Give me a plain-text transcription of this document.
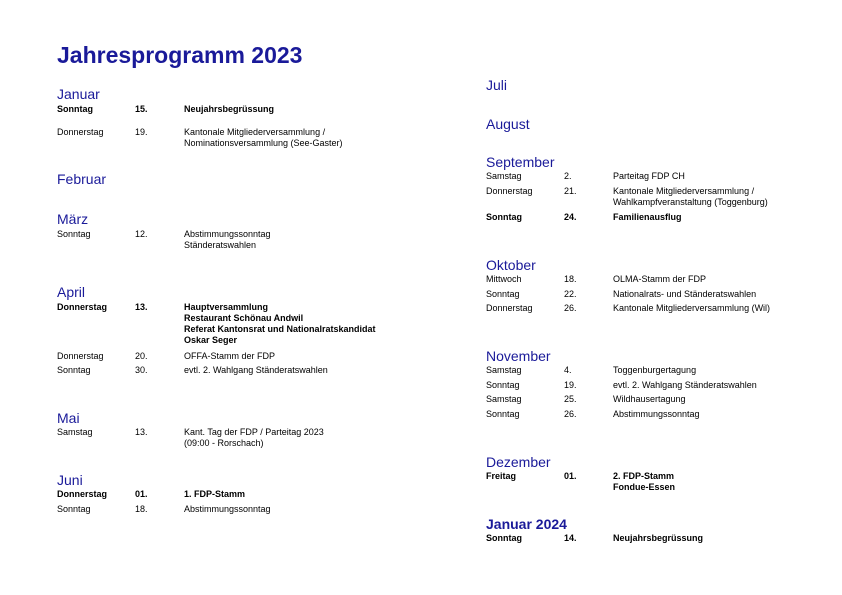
Jahresprogramm 2023
Januar
Sonntag	15.	Neujahrsbegrüssung
Donnerstag	19.	Kantonale Mitgliederversammlung /
Nominationsversammlung (See-Gaster)
Februar
März
Sonntag	12.	Abstimmungssonntag
Ständeratswahlen
April
Donnerstag	13.	Hauptversammlung
Restaurant Schönau Andwil
Referat Kantonsrat und Nationalratskandidat
Oskar Seger
Donnerstag	20.	OFFA-Stamm der FDP
Sonntag	30.	evtl. 2. Wahlgang Ständeratswahlen
Mai
Samstag	13.	Kant. Tag der FDP / Parteitag 2023
(09:00 - Rorschach)
Juni
Donnerstag	01.	1. FDP-Stamm
Sonntag	18.	Abstimmungssonntag
Juli
August
September
Samstag	2.	Parteitag FDP CH
Donnerstag	21.	Kantonale Mitgliederversammlung /
Wahlkampfveranstaltung (Toggenburg)
Sonntag	24.	Familienausflug
Oktober
Mittwoch	18.	OLMA-Stamm der FDP
Sonntag	22.	Nationalrats- und Ständeratswahlen
Donnerstag	26.	Kantonale Mitgliederversammlung (Wil)
November
Samstag	4.	Toggenburgertagung
Sonntag	19.	evtl. 2. Wahlgang Ständeratswahlen
Samstag	25.	Wildhausertagung
Sonntag	26.	Abstimmungssonntag
Dezember
Freitag	01.	2. FDP-Stamm
Fondue-Essen
Januar 2024
Sonntag	14.	Neujahrsbegrüssung
